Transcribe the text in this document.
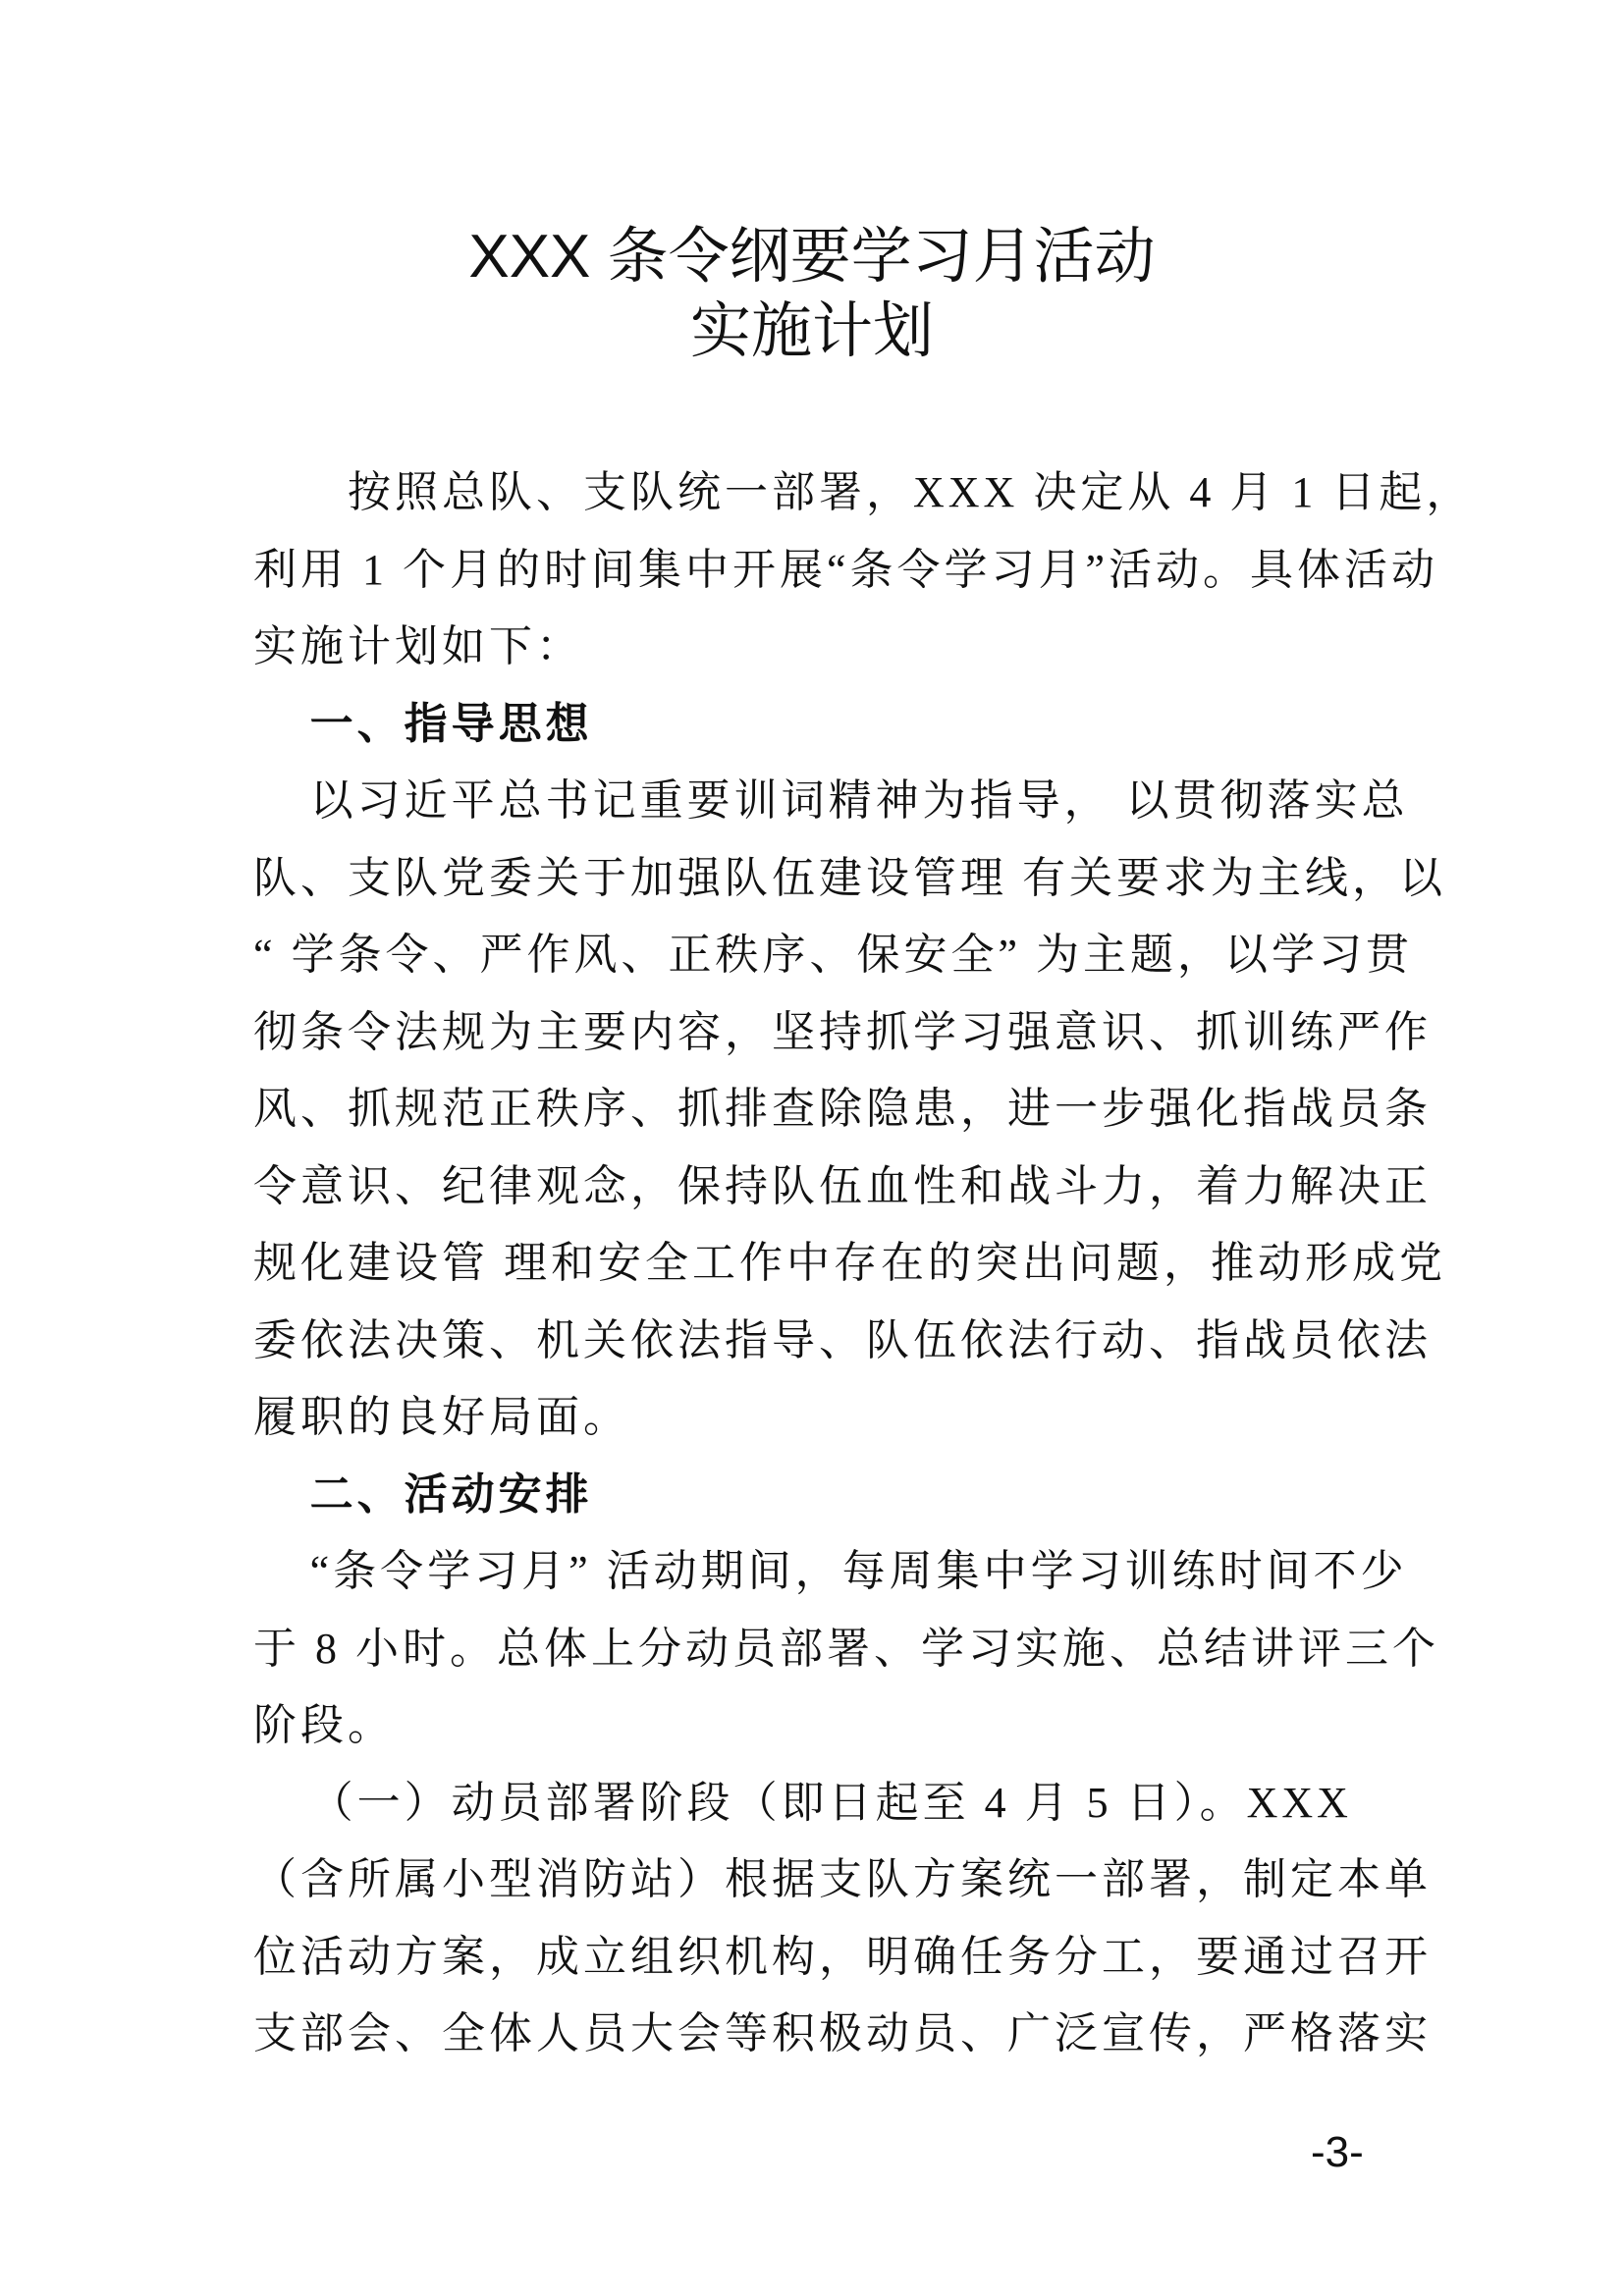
XXX 条令纲要学习月活动
实施计划
按照总队、支队统一部署，XXX 决定从 4 月 1 日起，
利用 1 个月的时间集中开展“条令学习月”活动。具体活动
实施计划如下：
一、指导思想
以习近平总书记重要训词精神为指导， 以贯彻落实总
队、支队党委关于加强队伍建设管理 有关要求为主线，以
“ 学条令、严作风、正秩序、保安全” 为主题，以学习贯
彻条令法规为主要内容，坚持抓学习强意识、抓训练严作
风、抓规范正秩序、抓排查除隐患，进一步强化指战员条
令意识、纪律观念，保持队伍血性和战斗力，着力解决正
规化建设管 理和安全工作中存在的突出问题，推动形成党
委依法决策、机关依法指导、队伍依法行动、指战员依法
履职的良好局面。
二、活动安排
“条令学习月” 活动期间，每周集中学习训练时间不少
于 8 小时。总体上分动员部署、学习实施、总结讲评三个
阶段。
（一）动员部署阶段（即日起至 4 月 5 日）。XXX
（含所属小型消防站）根据支队方案统一部署，制定本单
位活动方案，成立组织机构，明确任务分工，要通过召开
支部会、全体人员大会等积极动员、广泛宣传，严格落实
-3-
